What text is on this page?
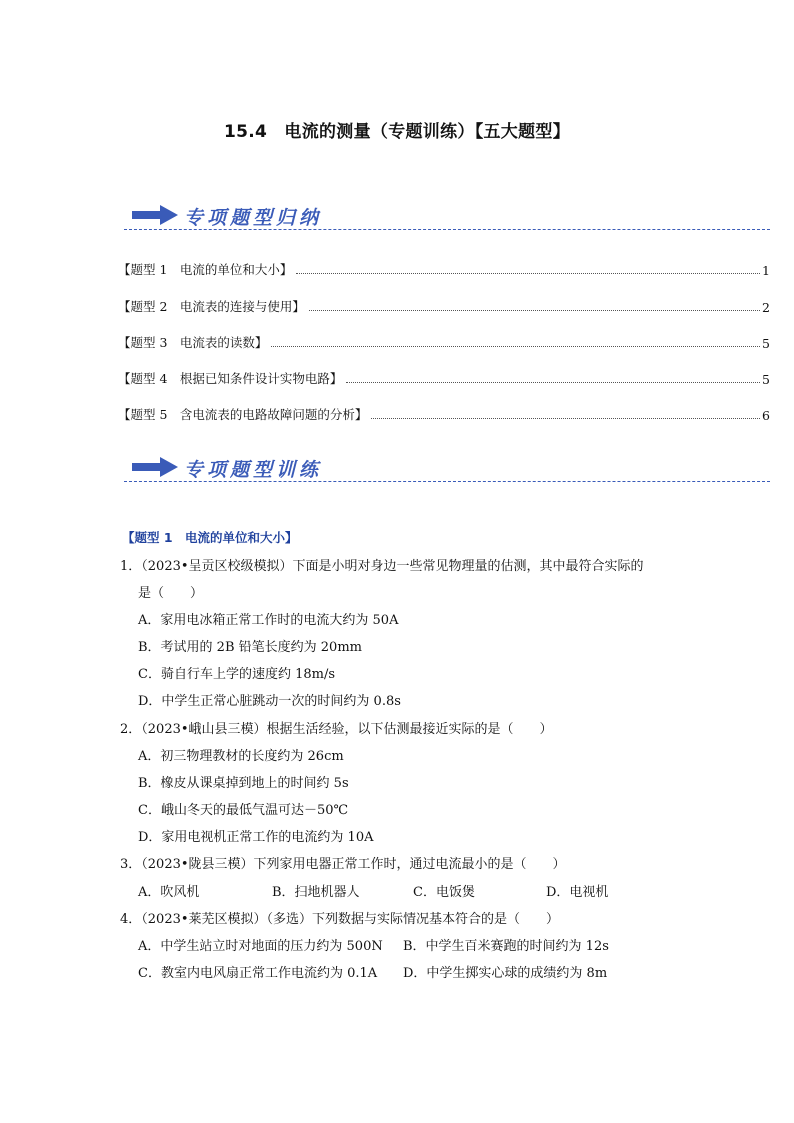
15.4　电流的测量（专题训练）【五大题型】
专项题型归纳
【题型 1　电流的单位和大小】	1
【题型 2　电流表的连接与使用】	2
【题型 3　电流表的读数】	5
【题型 4　根据已知条件设计实物电路】	5
【题型 5　含电流表的电路故障问题的分析】	6
专项题型训练
【题型 1　电流的单位和大小】
1．（2023•呈贡区校级模拟）下面是小明对身边一些常见物理量的估测，其中最符合实际的
是（　　）
A．家用电冰箱正常工作时的电流大约为 50A
B．考试用的 2B 铅笔长度约为 20mm
C．骑自行车上学的速度约 18m/s
D．中学生正常心脏跳动一次的时间约为 0.8s
2．（2023•峨山县三模）根据生活经验，以下估测最接近实际的是（　　）
A．初三物理教材的长度约为 26cm
B．橡皮从课桌掉到地上的时间约 5s
C．峨山冬天的最低气温可达－50℃
D．家用电视机正常工作的电流约为 10A
3．（2023•陇县三模）下列家用电器正常工作时，通过电流最小的是（　　）
A．吹风机	B．扫地机器人	C．电饭煲	D．电视机
4．（2023•莱芜区模拟）（多选）下列数据与实际情况基本符合的是（　　）
A．中学生站立时对地面的压力约为 500N B．中学生百米赛跑的时间约为 12s
C．教室内电风扇正常工作电流约为 0.1A D．中学生掷实心球的成绩约为 8m
